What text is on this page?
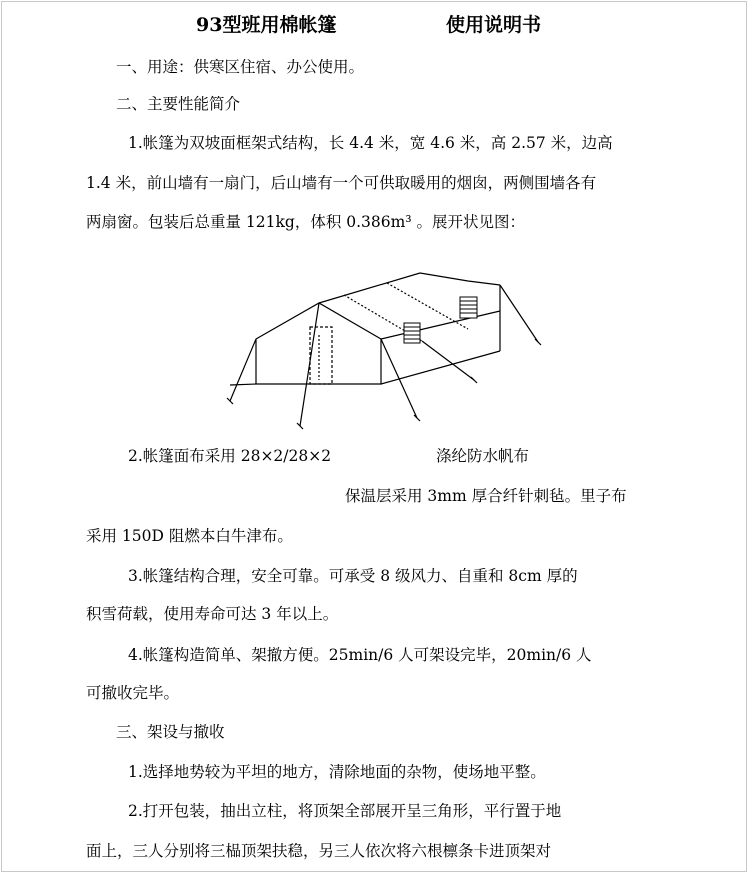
93型班用棉帐篷	使用说明书
一、用途：供寒区住宿、办公使用。
二、主要性能简介
1.帐篷为双坡面框架式结构，长 4.4 米，宽 4.6 米，高 2.57 米，边高
1.4 米，前山墙有一扇门，后山墙有一个可供取暖用的烟囱，两侧围墙各有
两扇窗。包装后总重量 121kg，体积 0.386m³ 。展开状见图：
2.帐篷面布采用 28×2/28×2	涤纶防水帆布
保温层采用 3mm 厚合纤针刺毡。里子布
采用 150D 阻燃本白牛津布。
3.帐篷结构合理，安全可靠。可承受 8 级风力、自重和 8cm 厚的
积雪荷载，使用寿命可达 3 年以上。
4.帐篷构造简单、架撤方便。25min/6 人可架设完毕，20min/6 人
可撤收完毕。
三、架设与撤收
1.选择地势较为平坦的地方，清除地面的杂物，使场地平整。
2.打开包装，抽出立柱，将顶架全部展开呈三角形，平行置于地
面上，三人分别将三榀顶架扶稳，另三人依次将六根檩条卡进顶架对
